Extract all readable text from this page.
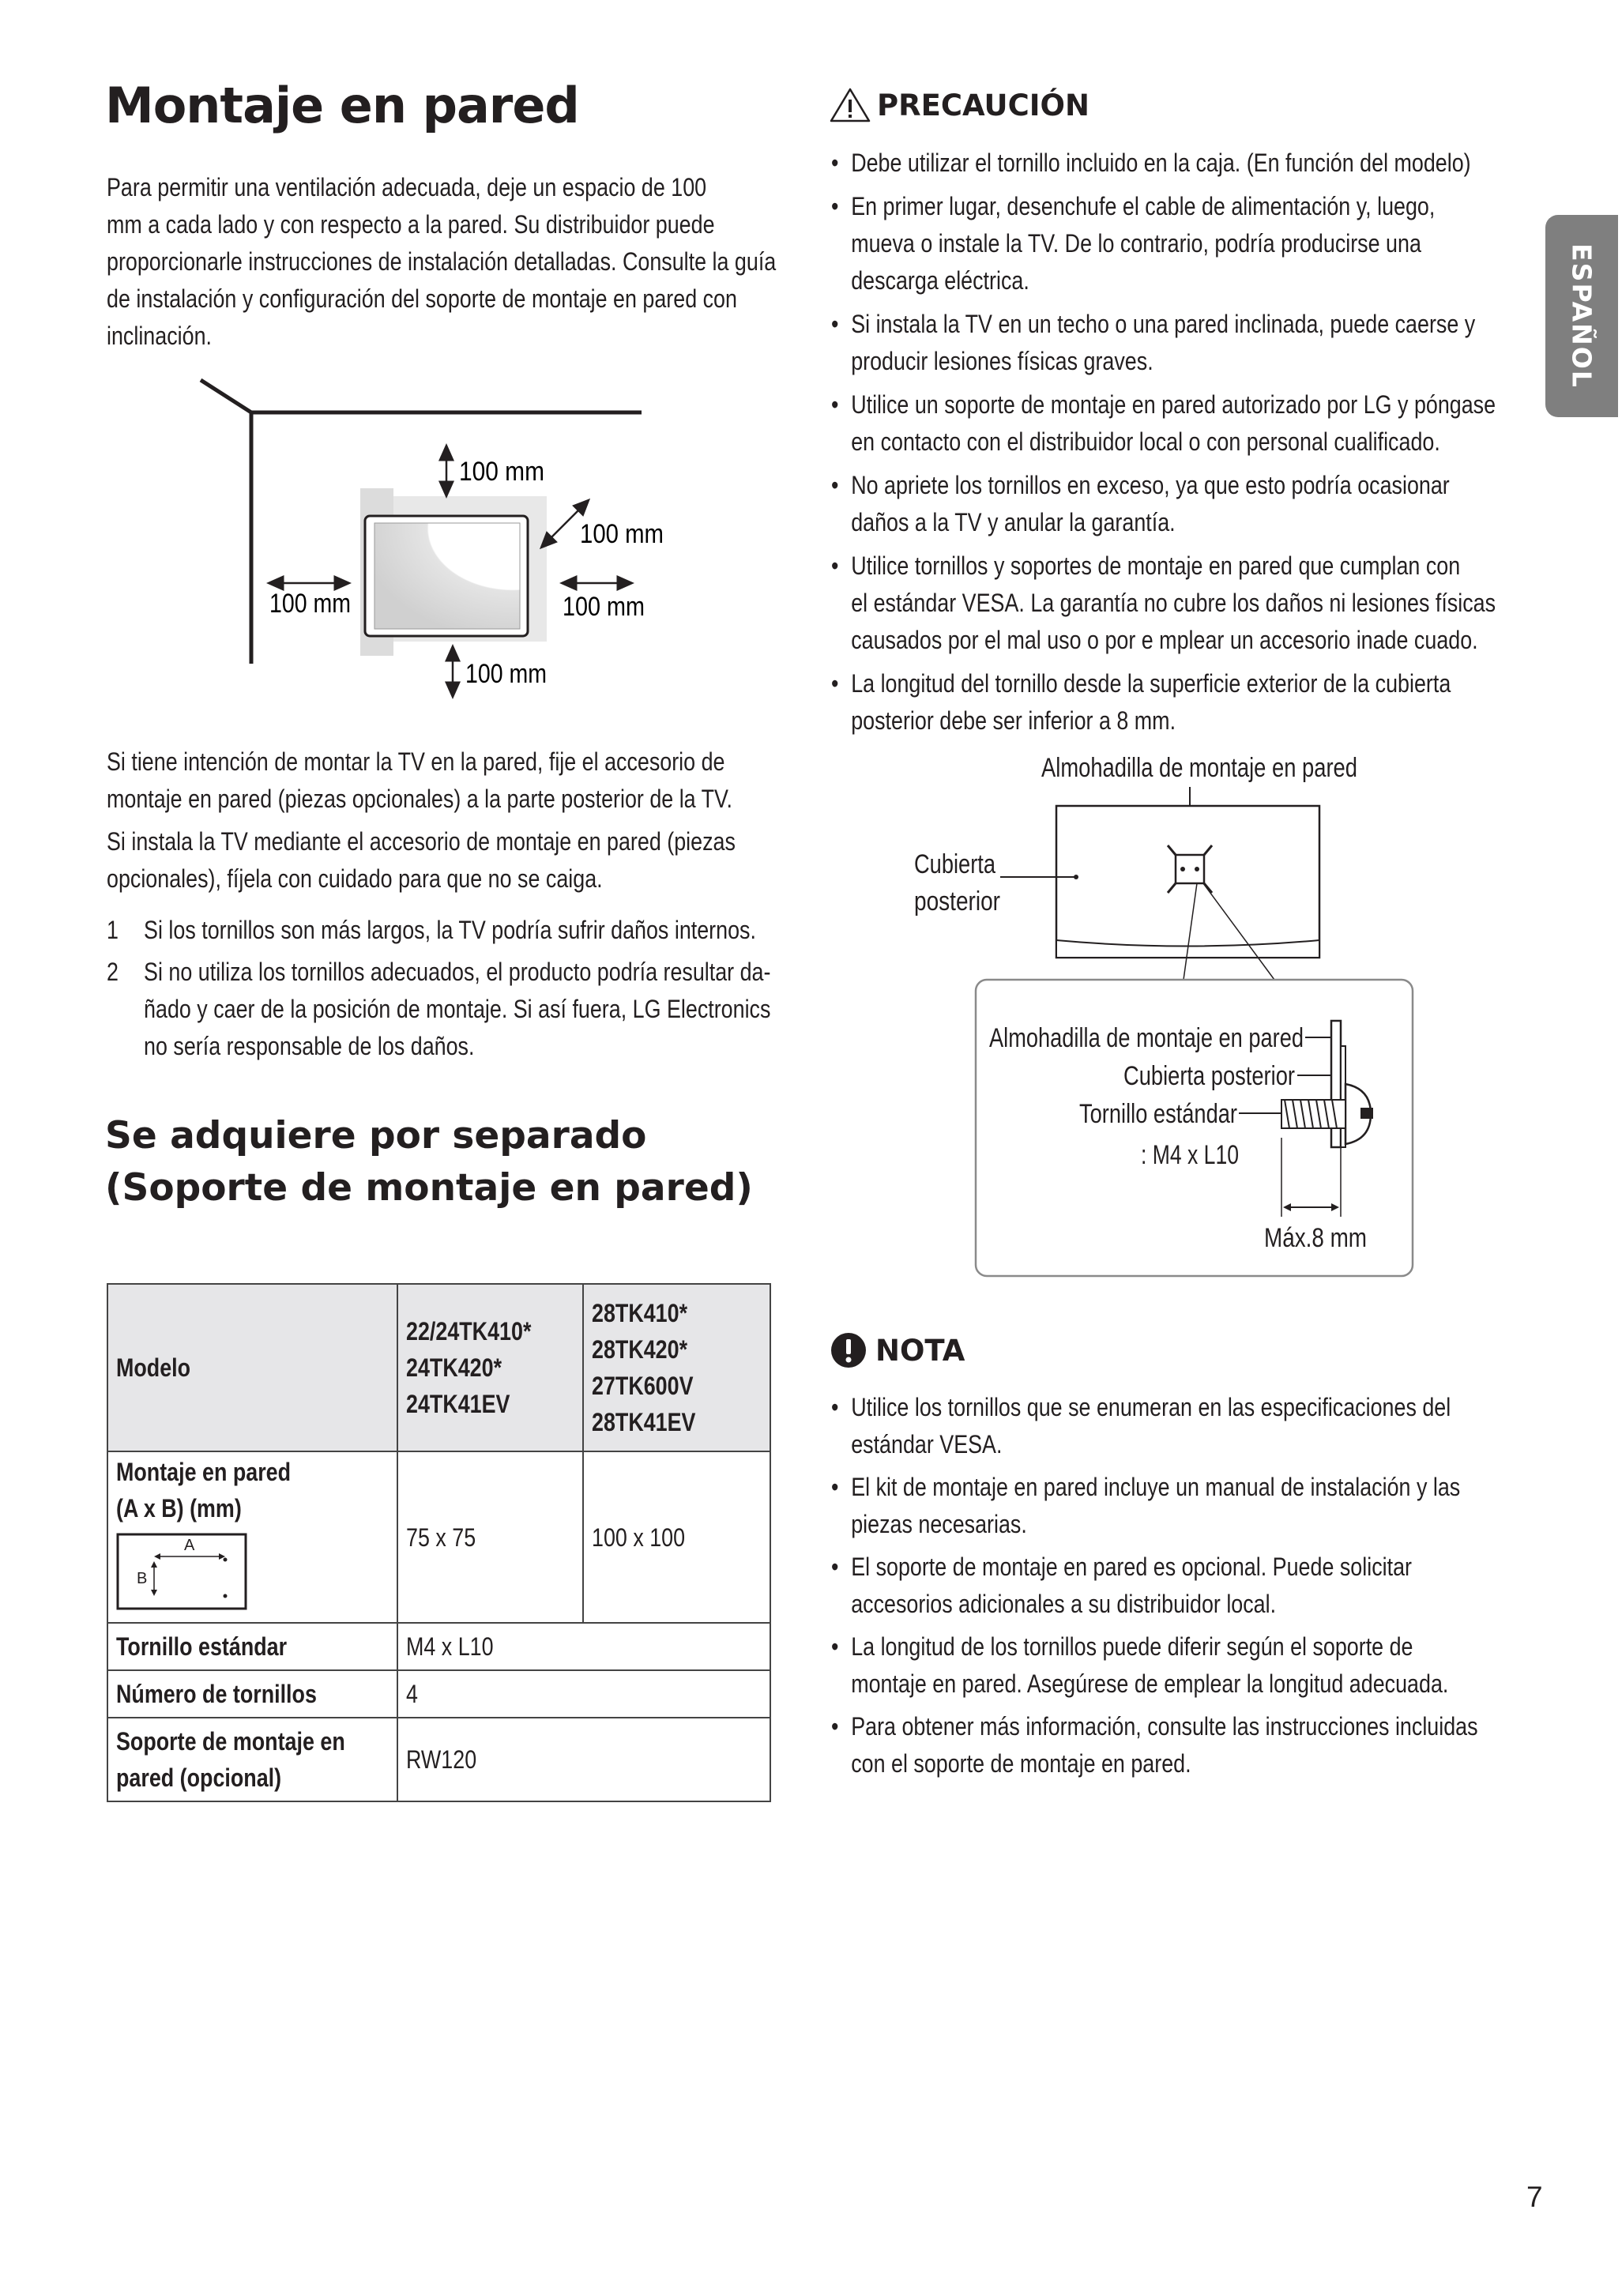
ESPAÑOL
Montaje en pared

Para permitir una ventilación adecuada, deje un espacio de 100

mm a cada lado y con respecto a la pared. Su distribuidor puede

proporcionarle instrucciones de instalación detalladas. Consulte la guía

de instalación y configuración del soporte de montaje en pared con

inclinación.

100 mm
100 mm
100 mm	100 mm
100 mm

Si tiene intención de montar la TV en la pared, fije el accesorio de

montaje en pared (piezas opcionales) a la parte posterior de la TV.

Si instala la TV mediante el accesorio de montaje en pared (piezas

opcionales), fíjela con cuidado para que no se caiga.

1 Si los tornillos son más largos, la TV podría sufrir daños internos.
2 Si no utiliza los tornillos adecuados, el producto podría resultar da-
ñado y caer de la posición de montaje. Si así fuera, LG Electronics
no sería responsable de los daños.
Se adquiere por separado
(Soporte de montaje en pared)
Modelo	22/24TK410*
24TK420*
24TK41EV	28TK410*
28TK420*
27TK600V
28TK41EV
Montaje en pared
(A x B) (mm)
A
B	75 x 75	100 x 100
Tornillo estándar	M4 x L10	
Número de tornillos	4	
Soporte de montaje en
pared (opcional)	RW120	
PRECAUCIÓN
• Debe utilizar el tornillo incluido en la caja. (En función del modelo)
• En primer lugar, desenchufe el cable de alimentación y, luego,
mueva o instale la TV. De lo contrario, podría producirse una
descarga eléctrica.
• Si instala la TV en un techo o una pared inclinada, puede caerse y
producir lesiones físicas graves.
• Utilice un soporte de montaje en pared autorizado por LG y póngase
en contacto con el distribuidor local o con personal cualificado.
• No apriete los tornillos en exceso, ya que esto podría ocasionar
daños a la TV y anular la garantía.
• Utilice tornillos y soportes de montaje en pared que cumplan con
el estándar VESA. La garantía no cubre los daños ni lesiones físicas
causados por el mal uso o por e mplear un accesorio inade cuado.
• La longitud del tornillo desde la superficie exterior de la cubierta
posterior debe ser inferior a 8 mm.
Almohadilla de montaje en pared
Cubierta
posterior
Almohadilla de montaje en pared
Cubierta posterior
Tornillo estándar
: M4 x L10
Máx.8 mm
NOTA
• Utilice los tornillos que se enumeran en las especificaciones del
estándar VESA.
• El kit de montaje en pared incluye un manual de instalación y las
piezas necesarias.
• El soporte de montaje en pared es opcional. Puede solicitar
accesorios adicionales a su distribuidor local.
• La longitud de los tornillos puede diferir según el soporte de
montaje en pared. Asegúrese de emplear la longitud adecuada.
• Para obtener más información, consulte las instrucciones incluidas
con el soporte de montaje en pared.
7
